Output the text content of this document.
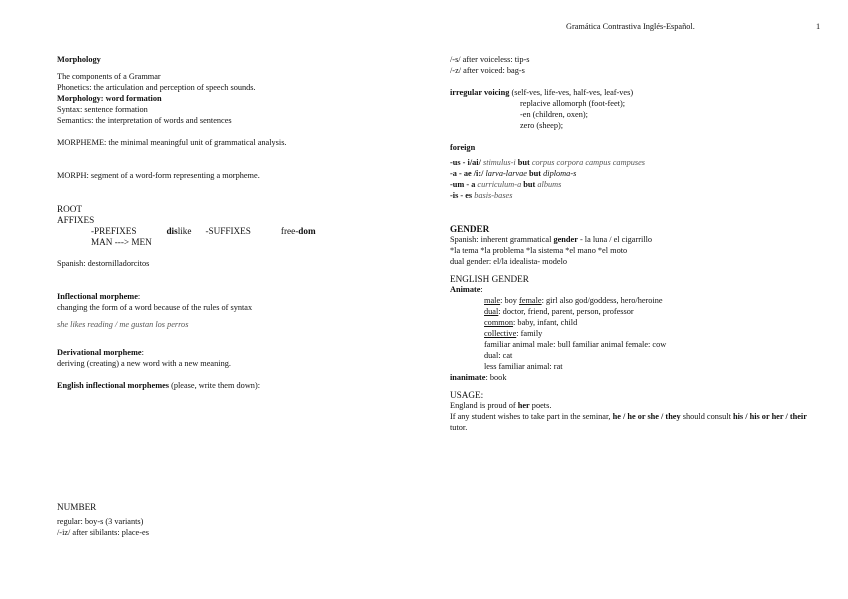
Gramática Contrastiva Inglés-Español.	1
Morphology
The components of a Grammar
Phonetics: the articulation and perception of speech sounds.
Morphology: word formation
Syntax: sentence formation
Semantics: the interpretation of words and sentences
MORPHEME: the minimal meaningful unit of grammatical analysis.
MORPH: segment of a word-form representing a morpheme.
ROOT
AFFIXES
-PREFIXES	dislike -SUFFIXES	free-dom
MAN ---> MEN
Spanish: destornilladorcitos
Inflectional morpheme:
changing the form of a word because of the rules of syntax
she likes reading / me gustan los perros
Derivational morpheme:
deriving (creating) a new word with a new meaning.
English inflectional morphemes (please, write them down):
NUMBER
regular: boy-s (3 variants)
/-iz/ after sibilants: place-es
/-s/ after voiceless: tip-s
/-z/ after voiced: bag-s
irregular voicing (self-ves, life-ves, half-ves, leaf-ves)
replacive allomorph (foot-feet);
-en (children, oxen);
zero (sheep);
foreign
-us - i/ai/ stimulus-i but corpus corpora campus campuses
-a - ae /i:/ larva-larvae but diploma-s
-um - a curriculum-a but albums
-is - es basis-bases
GENDER
Spanish: inherent grammatical gender - la luna / el cigarrillo
*la tema *la problema *la sistema *el mano *el moto
dual gender: el/la idealista- modelo
ENGLISH GENDER
Animate:
male: boy female: girl also god/goddess, hero/heroine
dual: doctor, friend, parent, person, professor
common: baby, infant, child
collective: family
familiar animal male: bull familiar animal female: cow
dual: cat
less familiar animal: rat
inanimate: book
USAGE:
England is proud of her poets.
If any student wishes to take part in the seminar, he / he or she / they should consult his / his or her / their tutor.
